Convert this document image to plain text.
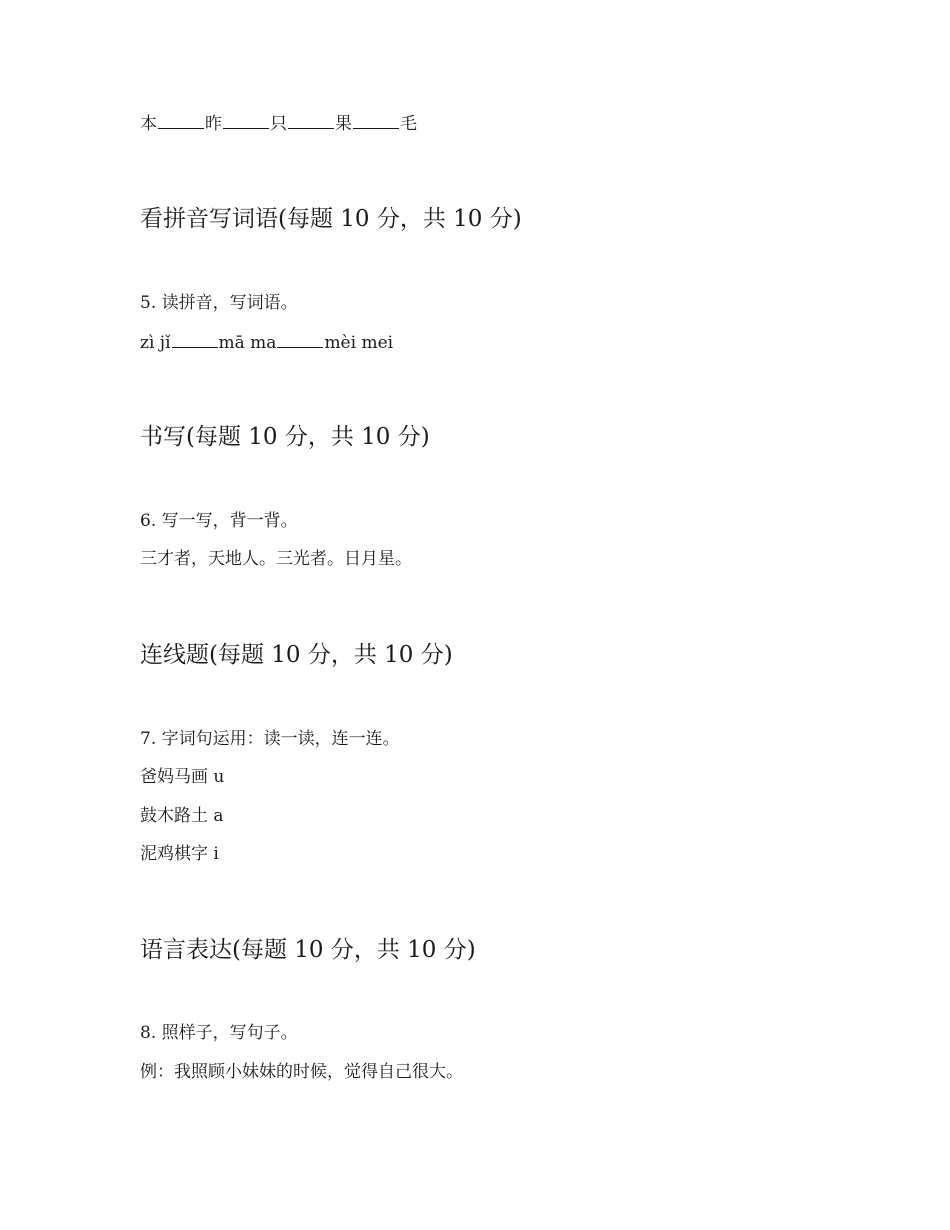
本	昨	只	果	毛
看拼音写词语(每题 10 分，共 10 分)
5. 读拼音，写词语。
zì jǐ	mā ma	mèi mei
书写(每题 10 分，共 10 分)
6. 写一写，背一背。
三才者，天地人。三光者。日月星。
连线题(每题 10 分，共 10 分)
7. 字词句运用：读一读，连一连。
爸妈马画 u
鼓木路土 a
泥鸡棋字 i
语言表达(每题 10 分，共 10 分)
8. 照样子，写句子。
例：我照顾小妹妹的时候，觉得自己很大。
